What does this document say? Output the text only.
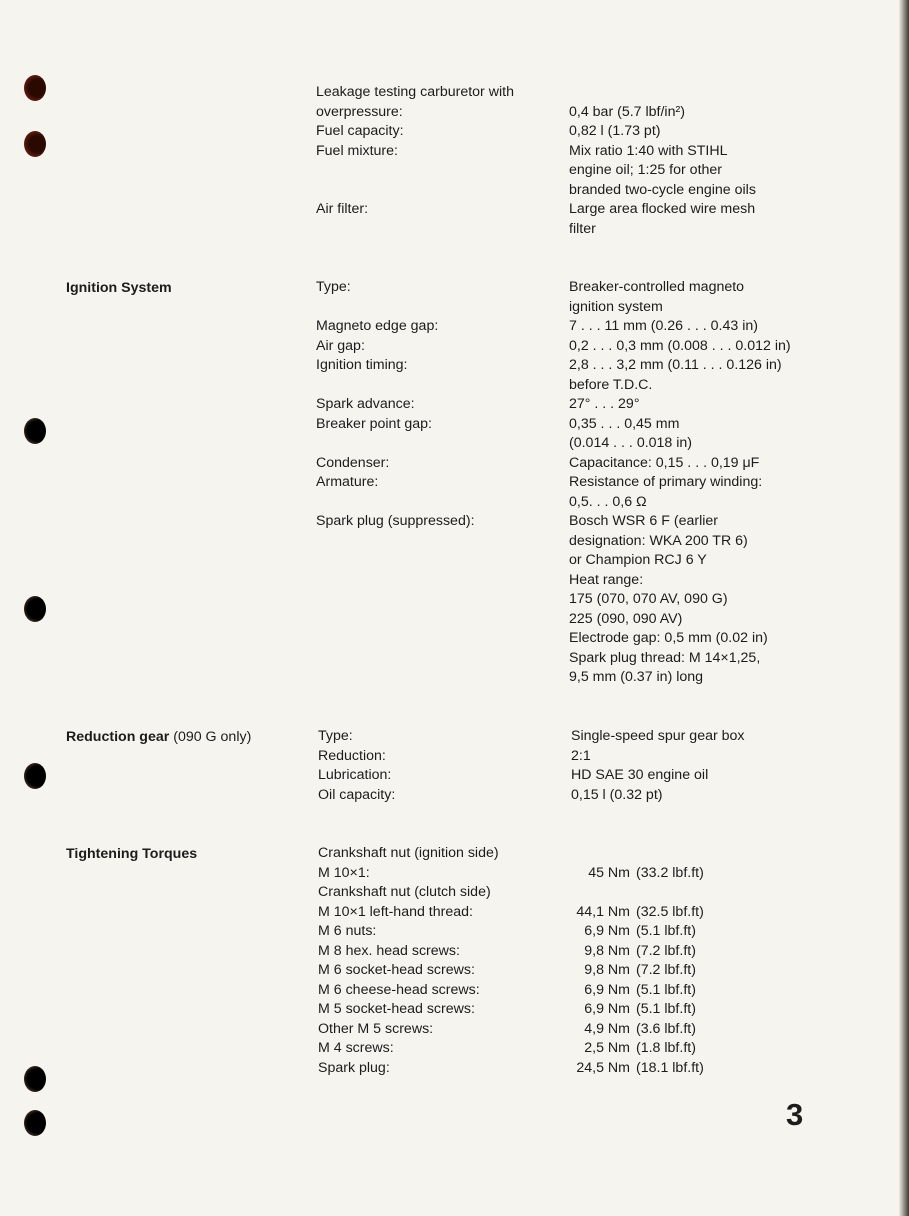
Leakage testing carburetor with
overpressure:	0,4 bar (5.7 lbf/in²)
Fuel capacity:	0,82 l (1.73 pt)
Fuel mixture:	Mix ratio 1:40 with STIHL
engine oil; 1:25 for other
branded two-cycle engine oils
Air filter:	Large area flocked wire mesh
filter
Ignition System	Type:	Breaker-controlled magneto
ignition system
Magneto edge gap:	7 . . . 11 mm (0.26 . . . 0.43 in)
Air gap:	0,2 . . . 0,3 mm (0.008 . . . 0.012 in)
Ignition timing:	2,8 . . . 3,2 mm (0.11 . . . 0.126 in)
before T.D.C.
Spark advance:	27° . . . 29°
Breaker point gap:	0,35 . . . 0,45 mm
(0.014 . . . 0.018 in)
Condenser:	Capacitance: 0,15 . . . 0,19 μF
Armature:	Resistance of primary winding:
0,5. . . 0,6 Ω
Spark plug (suppressed):	Bosch WSR 6 F (earlier
designation: WKA 200 TR 6)
or Champion RCJ 6 Y
Heat range:
175 (070, 070 AV, 090 G)
225 (090, 090 AV)
Electrode gap: 0,5 mm (0.02 in)
Spark plug thread: M 14×1,25,
9,5 mm (0.37 in) long
Reduction gear (090 G only)	Type:	Single-speed spur gear box
Reduction:	2:1
Lubrication:	HD SAE 30 engine oil
Oil capacity:	0,15 l (0.32 pt)
Tightening Torques	Crankshaft nut (ignition side)
M 10×1:	45 Nm (33.2 lbf.ft)
Crankshaft nut (clutch side)
M 10×1 left-hand thread:	44,1 Nm (32.5 lbf.ft)
M 6 nuts:	6,9 Nm (5.1 lbf.ft)
M 8 hex. head screws:	9,8 Nm (7.2 lbf.ft)
M 6 socket-head screws:	9,8 Nm (7.2 lbf.ft)
M 6 cheese-head screws:	6,9 Nm (5.1 lbf.ft)
M 5 socket-head screws:	6,9 Nm (5.1 lbf.ft)
Other M 5 screws:	4,9 Nm (3.6 lbf.ft)
M 4 screws:	2,5 Nm (1.8 lbf.ft)
Spark plug:	24,5 Nm (18.1 lbf.ft)
3
